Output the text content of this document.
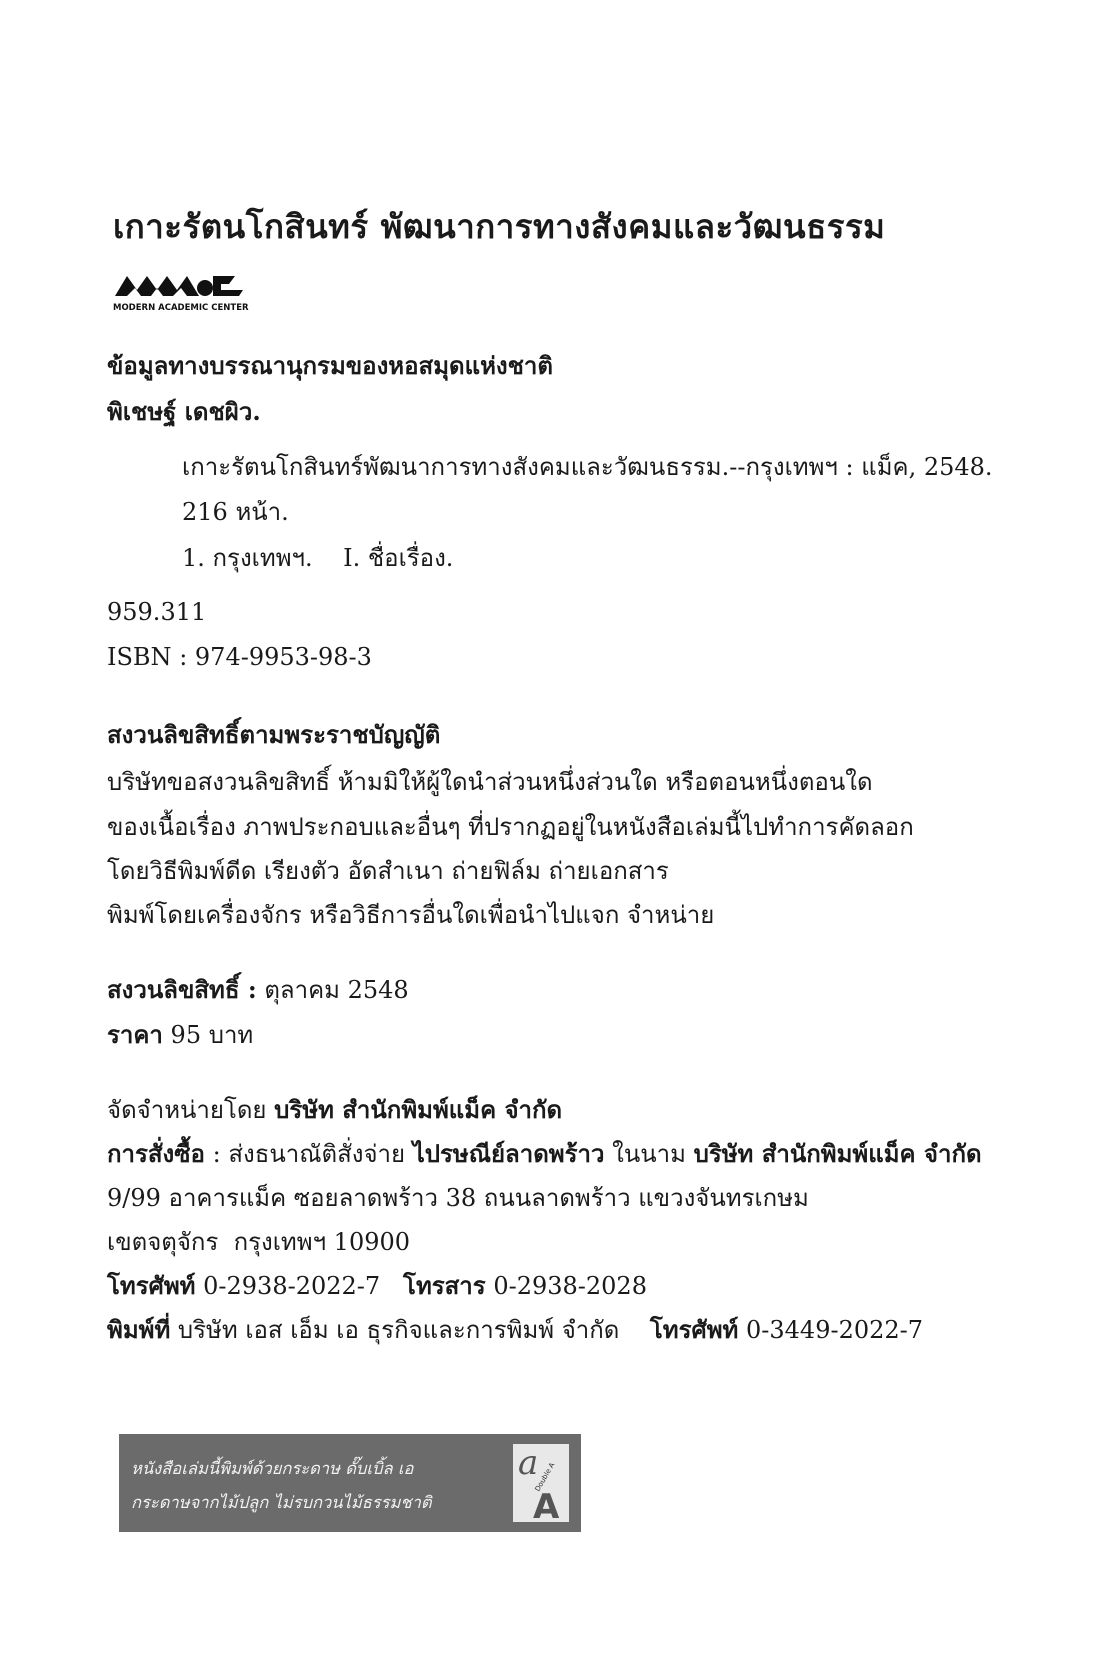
เกาะรัตนโกสินทร์ พัฒนาการทางสังคมและวัฒนธรรม
MODERN ACADEMIC CENTER
ข้อมูลทางบรรณานุกรมของหอสมุดแห่งชาติ
พิเชษฐ์ เดชผิว.
เกาะรัตนโกสินทร์พัฒนาการทางสังคมและวัฒนธรรม.--กรุงเทพฯ : แม็ค, 2548.
216 หน้า.
1. กรุงเทพฯ.    I. ชื่อเรื่อง.
959.311
ISBN : 974-9953-98-3
สงวนลิขสิทธิ์ตามพระราชบัญญัติ
บริษัทขอสงวนลิขสิทธิ์ ห้ามมิให้ผู้ใดนำส่วนหนึ่งส่วนใด หรือตอนหนึ่งตอนใด
ของเนื้อเรื่อง ภาพประกอบและอื่นๆ ที่ปรากฏอยู่ในหนังสือเล่มนี้ไปทำการคัดลอก
โดยวิธีพิมพ์ดีด เรียงตัว อัดสำเนา ถ่ายฟิล์ม ถ่ายเอกสาร
พิมพ์โดยเครื่องจักร หรือวิธีการอื่นใดเพื่อนำไปแจก จำหน่าย
สงวนลิขสิทธิ์ : ตุลาคม 2548
ราคา 95 บาท
จัดจำหน่ายโดย บริษัท สำนักพิมพ์แม็ค จำกัด
การสั่งซื้อ : ส่งธนาณัติสั่งจ่าย ไปรษณีย์ลาดพร้าว ในนาม บริษัท สำนักพิมพ์แม็ค จำกัด
9/99 อาคารแม็ค ซอยลาดพร้าว 38 ถนนลาดพร้าว แขวงจันทรเกษม
เขตจตุจักร  กรุงเทพฯ 10900
โทรศัพท์ 0-2938-2022-7 โทรสาร 0-2938-2028
พิมพ์ที่ บริษัท เอส เอ็ม เอ ธุรกิจและการพิมพ์ จำกัด โทรศัพท์ 0-3449-2022-7
หนังสือเล่มนี้พิมพ์ด้วยกระดาษ ดั๊บเบิ้ล เอ
กระดาษจากไม้ปลูก ไม่รบกวนไม้ธรรมชาติ
a
Double A
A
